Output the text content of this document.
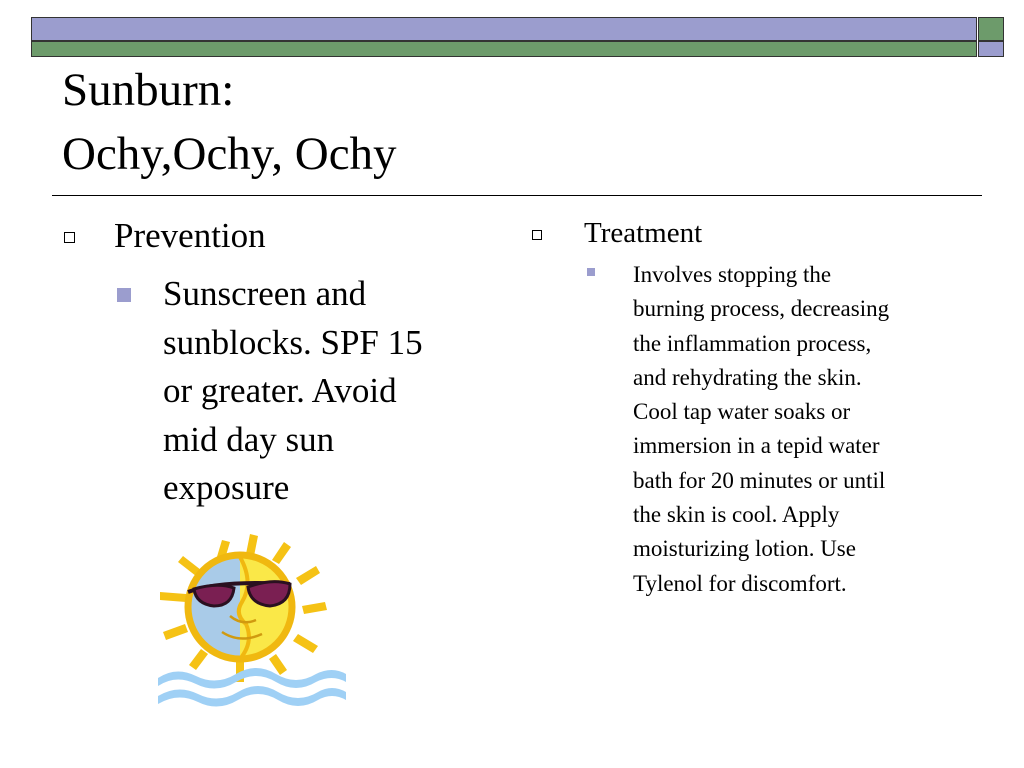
Sunburn:
Ochy,Ochy, Ochy
Prevention
Sunscreen and
sunblocks. SPF 15
or greater. Avoid
mid day sun
exposure
Treatment
Involves stopping the
burning process, decreasing
the inflammation process,
and rehydrating the skin.
Cool tap water soaks or
immersion in a tepid water
bath for 20 minutes or until
the skin is cool. Apply
moisturizing lotion. Use
Tylenol for discomfort.
